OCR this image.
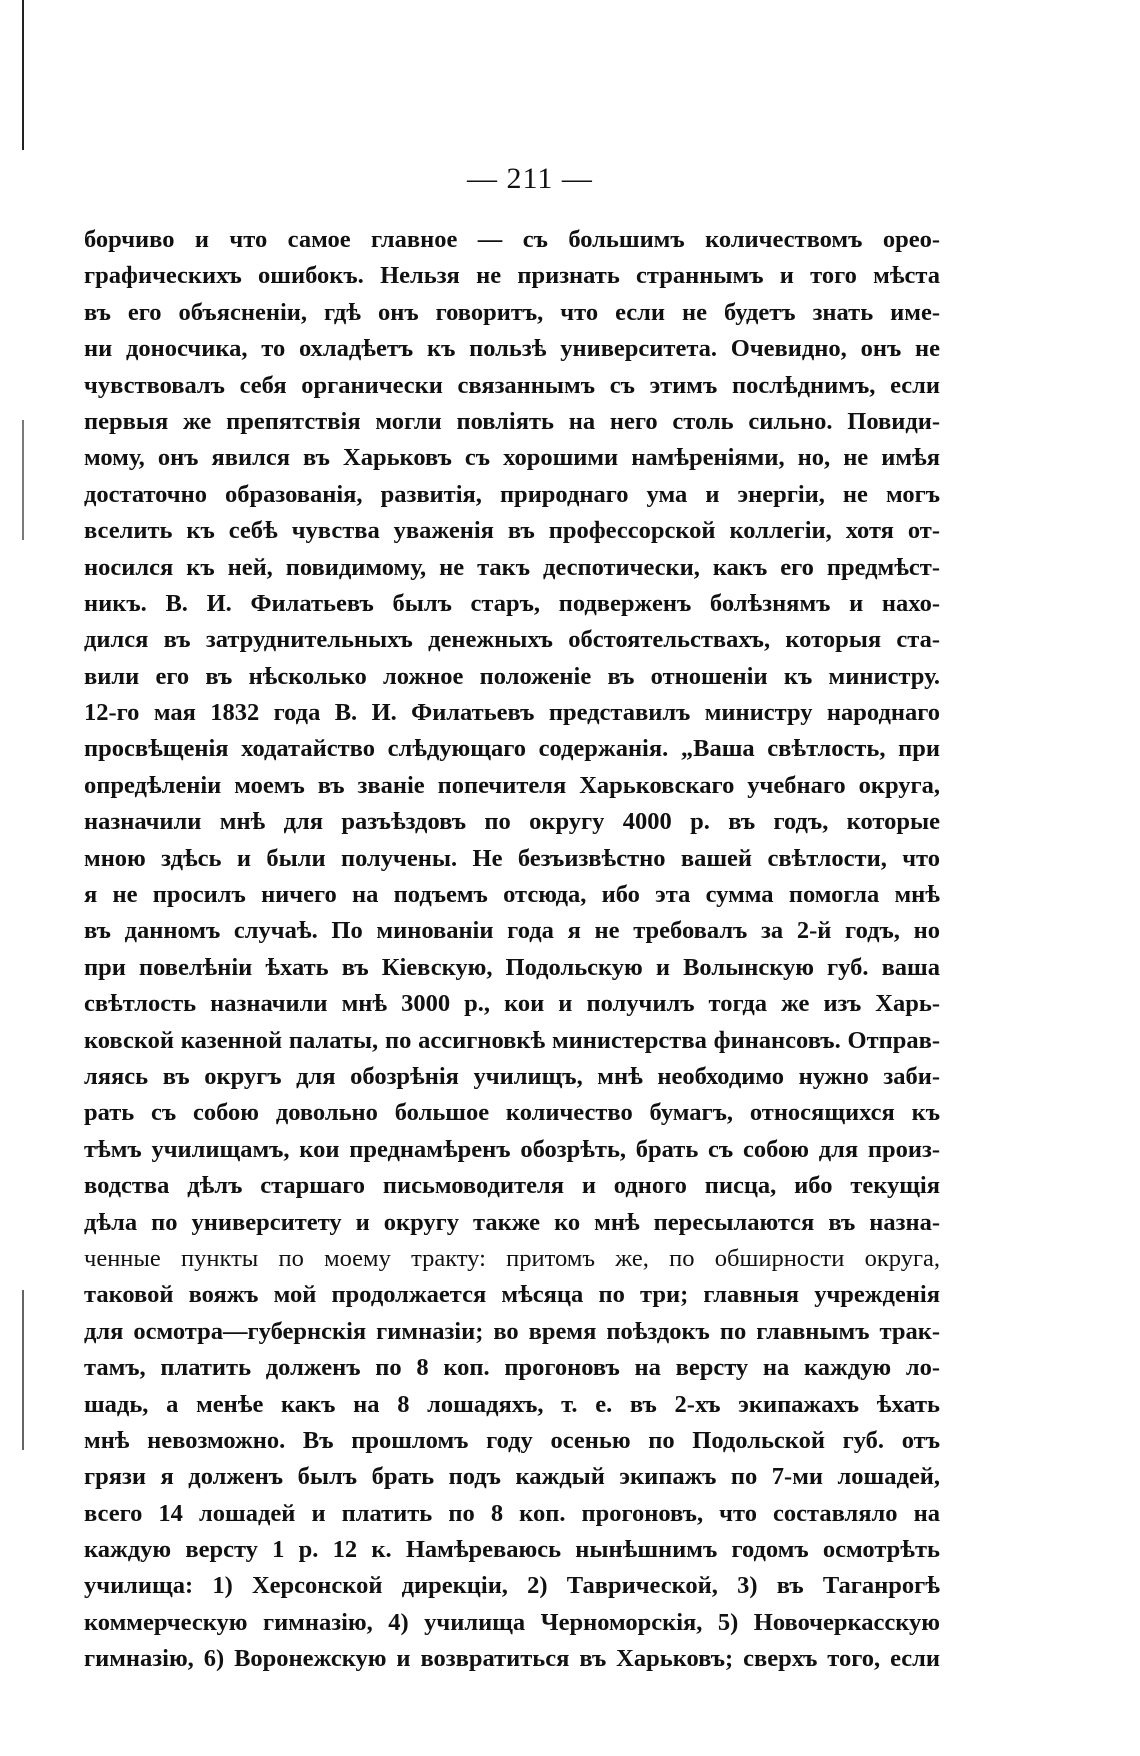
— 211 —
борчиво и что самое главное — съ большимъ количествомъ орео-
графическихъ ошибокъ. Нельзя не признать страннымъ и того мѣста
въ его объясненіи, гдѣ онъ говоритъ, что если не будетъ знать име-
ни доносчика, то охладѣетъ къ пользѣ университета. Очевидно, онъ не
чувствовалъ себя органически связаннымъ съ этимъ послѣднимъ, если
первыя же препятствія могли повліять на него столь сильно. Повиди-
мому, онъ явился въ Харьковъ съ хорошими намѣреніями, но, не имѣя
достаточно образованія, развитія, природнаго ума и энергіи, не могъ
вселить къ себѣ чувства уваженія въ профессорской коллегіи, хотя от-
носился къ ней, повидимому, не такъ деспотически, какъ его предмѣст-
никъ. В. И. Филатьевъ былъ старъ, подверженъ болѣзнямъ и нахо-
дился въ затруднительныхъ денежныхъ обстоятельствахъ, которыя ста-
вили его въ нѣсколько ложное положеніе въ отношеніи къ министру.
12-го мая 1832 года В. И. Филатьевъ представилъ министру народнаго
просвѣщенія ходатайство слѣдующаго содержанія. „Ваша свѣтлость, при
опредѣленіи моемъ въ званіе попечителя Харьковскаго учебнаго округа,
назначили мнѣ для разъѣздовъ по округу 4000 р. въ годъ, которые
мною здѣсь и были получены. Не безъизвѣстно вашей свѣтлости, что
я не просилъ ничего на подъемъ отсюда, ибо эта сумма помогла мнѣ
въ данномъ случаѣ. По минованіи года я не требовалъ за 2-й годъ, но
при повелѣніи ѣхать въ Кіевскую, Подольскую и Волынскую губ. ваша
свѣтлость назначили мнѣ 3000 р., кои и получилъ тогда же изъ Харь-
ковской казенной палаты, по ассигновкѣ министерства финансовъ. Отправ-
ляясь въ округъ для обозрѣнія училищъ, мнѣ необходимо нужно заби-
рать съ собою довольно большое количество бумагъ, относящихся къ
тѣмъ училищамъ, кои преднамѣренъ обозрѣть, брать съ собою для произ-
водства дѣлъ старшаго письмоводителя и одного писца, ибо текущія
дѣла по университету и округу также ко мнѣ пересылаются въ назна-
ченные пункты по моему тракту: притомъ же, по обширности округа,
таковой вояжъ мой продолжается мѣсяца по три; главныя учрежденія
для осмотра—губернскія гимназіи; во время поѣздокъ по главнымъ трак-
тамъ, платить долженъ по 8 коп. прогоновъ на версту на каждую ло-
шадь, а менѣе какъ на 8 лошадяхъ, т. е. въ 2-хъ экипажахъ ѣхать
мнѣ невозможно. Въ прошломъ году осенью по Подольской губ. отъ
грязи я долженъ былъ брать подъ каждый экипажъ по 7-ми лошадей,
всего 14 лошадей и платить по 8 коп. прогоновъ, что составляло на
каждую версту 1 р. 12 к. Намѣреваюсь нынѣшнимъ годомъ осмотрѣть
училища: 1) Херсонской дирекціи, 2) Таврической, 3) въ Таганрогѣ
коммерческую гимназію, 4) училища Черноморскія, 5) Новочеркасскую
гимназію, 6) Воронежскую и возвратиться въ Харьковъ; сверхъ того, если
